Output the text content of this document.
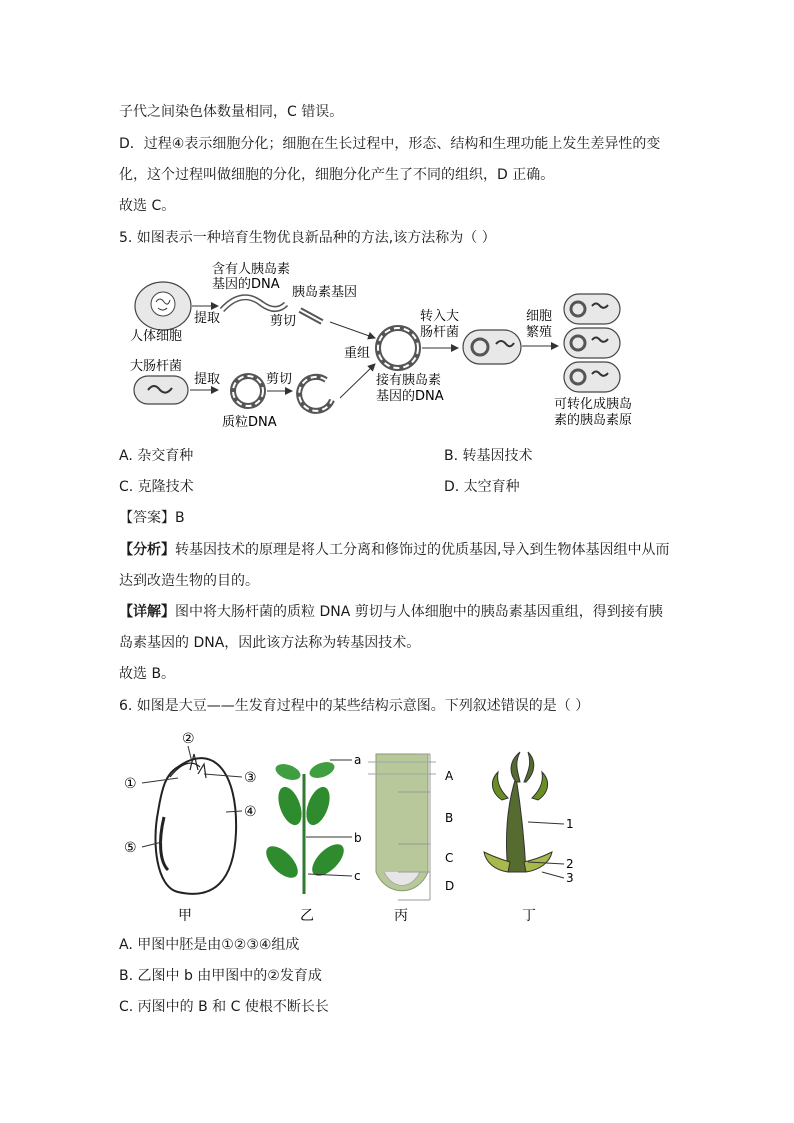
子代之间染色体数量相同，C 错误。
D．过程④表示细胞分化；细胞在生长过程中，形态、结构和生理功能上发生差异性的变
化，这个过程叫做细胞的分化，细胞分化产生了不同的组织，D 正确。
故选 C。
5. 如图表示一种培育生物优良新品种的方法,该方法称为（ ）
人体细胞
提取
含有人胰岛素
基因的DNA
剪切
胰岛素基因
大肠杆菌
提取
质粒DNA
剪切
重组
接有胰岛素
基因的DNA
转入大
肠杆菌
细胞
繁殖
可转化成胰岛
素的胰岛素原
A. 杂交育种	B. 转基因技术
C. 克隆技术	D. 太空育种
【答案】B
【分析】转基因技术的原理是将人工分离和修饰过的优质基因,导入到生物体基因组中从而
达到改造生物的目的。
【详解】图中将大肠杆菌的质粒 DNA 剪切与人体细胞中的胰岛素基因重组，得到接有胰
岛素基因的 DNA，因此该方法称为转基因技术。
故选 B。
6. 如图是大豆——生发育过程中的某些结构示意图。下列叙述错误的是（ ）
②
①	③
④
⑤
甲
a
b
c
乙
A
B
C
D
丙
1
2
3
丁
A. 甲图中胚是由①②③④组成
B. 乙图中 b 由甲图中的②发育成
C. 丙图中的 B 和 C 使根不断长长
